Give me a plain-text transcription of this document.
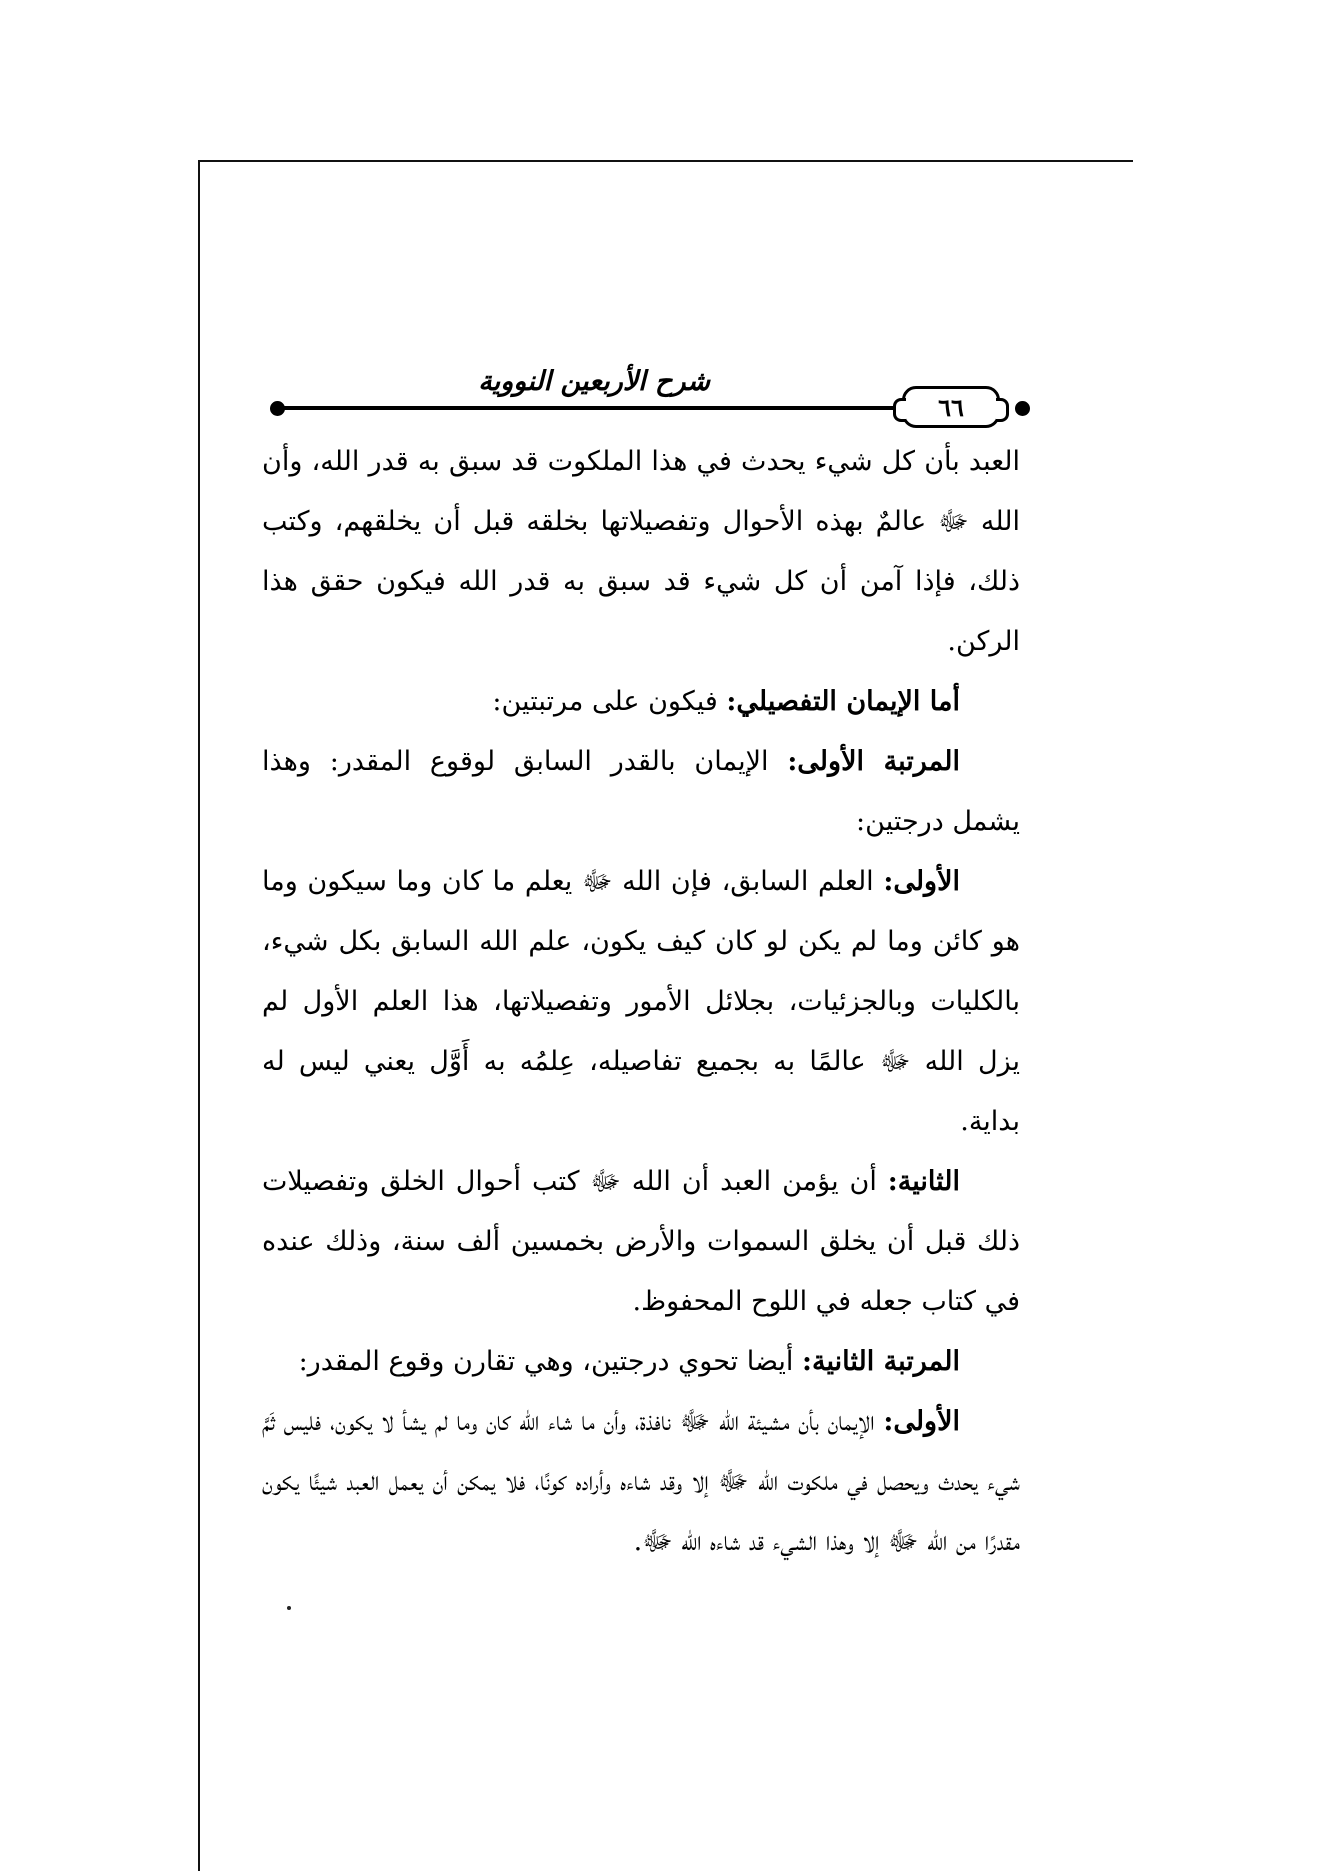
شرح الأربعين النووية
٦٦

العبد بأن كل شيء يحدث في هذا الملكوت قد سبق به قدر الله، وأن الله ﷻ عالمٌ بهذه الأحوال وتفصيلاتها بخلقه قبل أن يخلقهم، وكتب ذلك، فإذا آمن أن كل شيء قد سبق به قدر الله فيكون حقق هذا الركن.

أما الإيمان التفصيلي: فيكون على مرتبتين:

المرتبة الأولى: الإيمان بالقدر السابق لوقوع المقدر: وهذا يشمل درجتين:

الأولى: العلم السابق، فإن الله ﷻ يعلم ما كان وما سيكون وما هو كائن وما لم يكن لو كان كيف يكون، علم الله السابق بكل شيء، بالكليات وبالجزئيات، بجلائل الأمور وتفصيلاتها، هذا العلم الأول لم يزل الله ﷻ عالمًا به بجميع تفاصيله، عِلمُه به أَوَّل يعني ليس له بداية.

الثانية: أن يؤمن العبد أن الله ﷻ كتب أحوال الخلق وتفصيلات ذلك قبل أن يخلق السموات والأرض بخمسين ألف سنة، وذلك عنده في كتاب جعله في اللوح المحفوظ.

المرتبة الثانية: أيضا تحوي درجتين، وهي تقارن وقوع المقدر:

الأولى: الإيمان بأن مشيئة الله ﷻ نافذة، وأن ما شاء الله كان وما لم يشأ لا يكون، فليس ثَمَّ شيء يحدث ويحصل في ملكوت الله ﷻ إلا وقد شاءه وأراده كونًا، فلا يمكن أن يعمل العبد شيئًا يكون مقدرًا من الله ﷻ إلا وهذا الشيء قد شاءه الله ﷻ.
